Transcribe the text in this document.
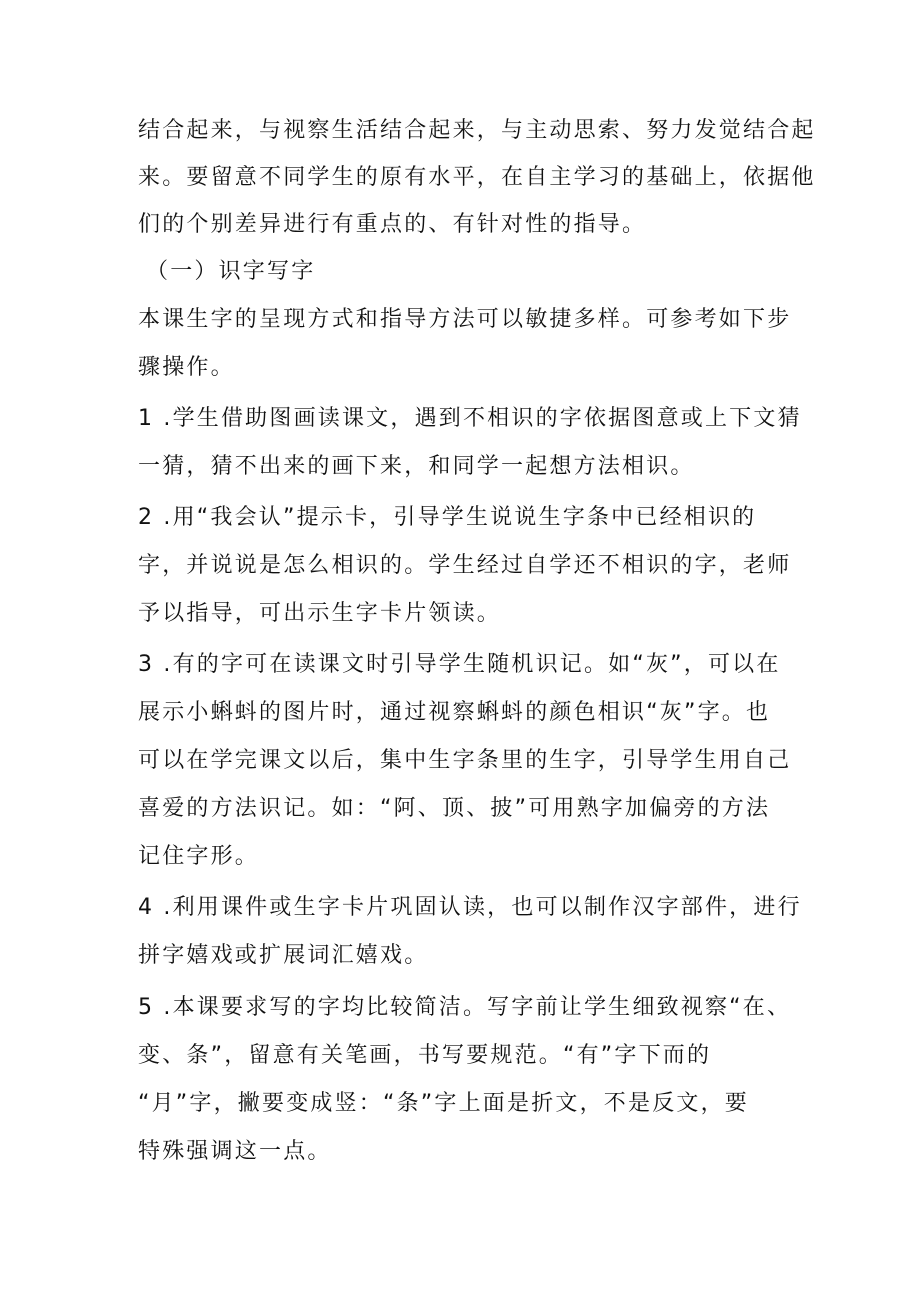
结合起来，与视察生活结合起来，与主动思索、努力发觉结合起
来。要留意不同学生的原有水平，在自主学习的基础上，依据他
们的个别差异进行有重点的、有针对性的指导。
（一）识字写字
本课生字的呈现方式和指导方法可以敏捷多样。可参考如下步
骤操作。
1 .学生借助图画读课文，遇到不相识的字依据图意或上下文猜
一猜，猜不出来的画下来，和同学一起想方法相识。
2 .用“我会认”提示卡，引导学生说说生字条中已经相识的
字，并说说是怎么相识的。学生经过自学还不相识的字，老师
予以指导，可出示生字卡片领读。
3 .有的字可在读课文时引导学生随机识记。如“灰”，可以在
展示小蝌蚪的图片时，通过视察蝌蚪的颜色相识“灰”字。也
可以在学完课文以后，集中生字条里的生字，引导学生用自己
喜爱的方法识记。如：“阿、顶、披”可用熟字加偏旁的方法
记住字形。
4 .利用课件或生字卡片巩固认读，也可以制作汉字部件，进行
拼字嬉戏或扩展词汇嬉戏。
5 .本课要求写的字均比较简洁。写字前让学生细致视察“在、
变、条”，留意有关笔画，书写要规范。“有”字下而的
“月”字，撇要变成竖：“条”字上面是折文，不是反文，要
特殊强调这一点。
